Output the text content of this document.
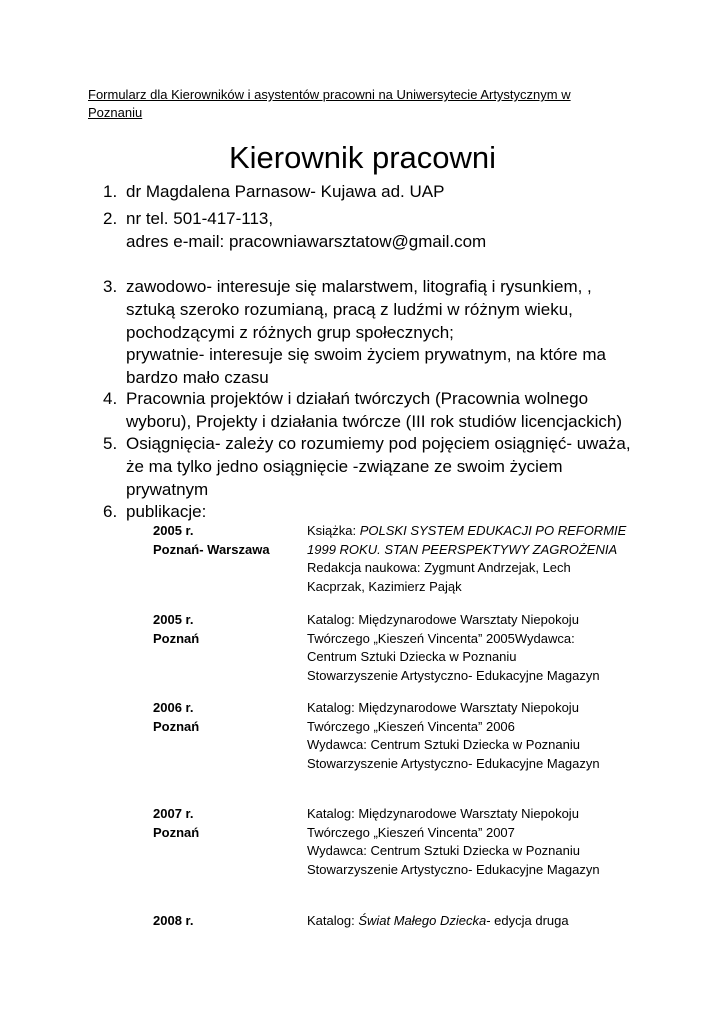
Formularz dla Kierowników i asystentów pracowni na Uniwersytecie Artystycznym w
Poznaniu
Kierownik pracowni
1. dr Magdalena Parnasow- Kujawa ad. UAP
2. nr tel. 501-417-113,
adres e-mail: pracowniawarsztatow@gmail.com
3. zawodowo- interesuje się malarstwem, litografią i rysunkiem, ,
sztuką szeroko rozumianą, pracą z ludźmi w różnym wieku,
pochodzącymi z różnych grup społecznych;
prywatnie- interesuje się swoim życiem prywatnym, na które ma
bardzo mało czasu
4. Pracownia projektów i działań twórczych (Pracownia wolnego
wyboru), Projekty i działania twórcze (III rok studiów licencjackich)
5. Osiągnięcia- zależy co rozumiemy pod pojęciem osiągnięć- uważa,
że ma tylko jedno osiągnięcie -związane ze swoim życiem
prywatnym
6. publikacje:
2005 r.
Poznań- Warszawa
Książka: POLSKI SYSTEM EDUKACJI PO REFORMIE
1999 ROKU. STAN PEERSPEKTYWY ZAGROŻENIA
Redakcja naukowa: Zygmunt Andrzejak, Lech
Kacprzak, Kazimierz Pająk
2005 r.
Poznań
Katalog: Międzynarodowe Warsztaty Niepokoju
Twórczego „Kieszeń Vincenta” 2005Wydawca:
Centrum Sztuki Dziecka w Poznaniu
Stowarzyszenie Artystyczno- Edukacyjne Magazyn
2006 r.
Poznań
Katalog: Międzynarodowe Warsztaty Niepokoju
Twórczego „Kieszeń Vincenta” 2006
Wydawca: Centrum Sztuki Dziecka w Poznaniu
Stowarzyszenie Artystyczno- Edukacyjne Magazyn
2007 r.
Poznań
Katalog: Międzynarodowe Warsztaty Niepokoju
Twórczego „Kieszeń Vincenta” 2007
Wydawca: Centrum Sztuki Dziecka w Poznaniu
Stowarzyszenie Artystyczno- Edukacyjne Magazyn
2008 r.	Katalog: Świat Małego Dziecka- edycja druga
